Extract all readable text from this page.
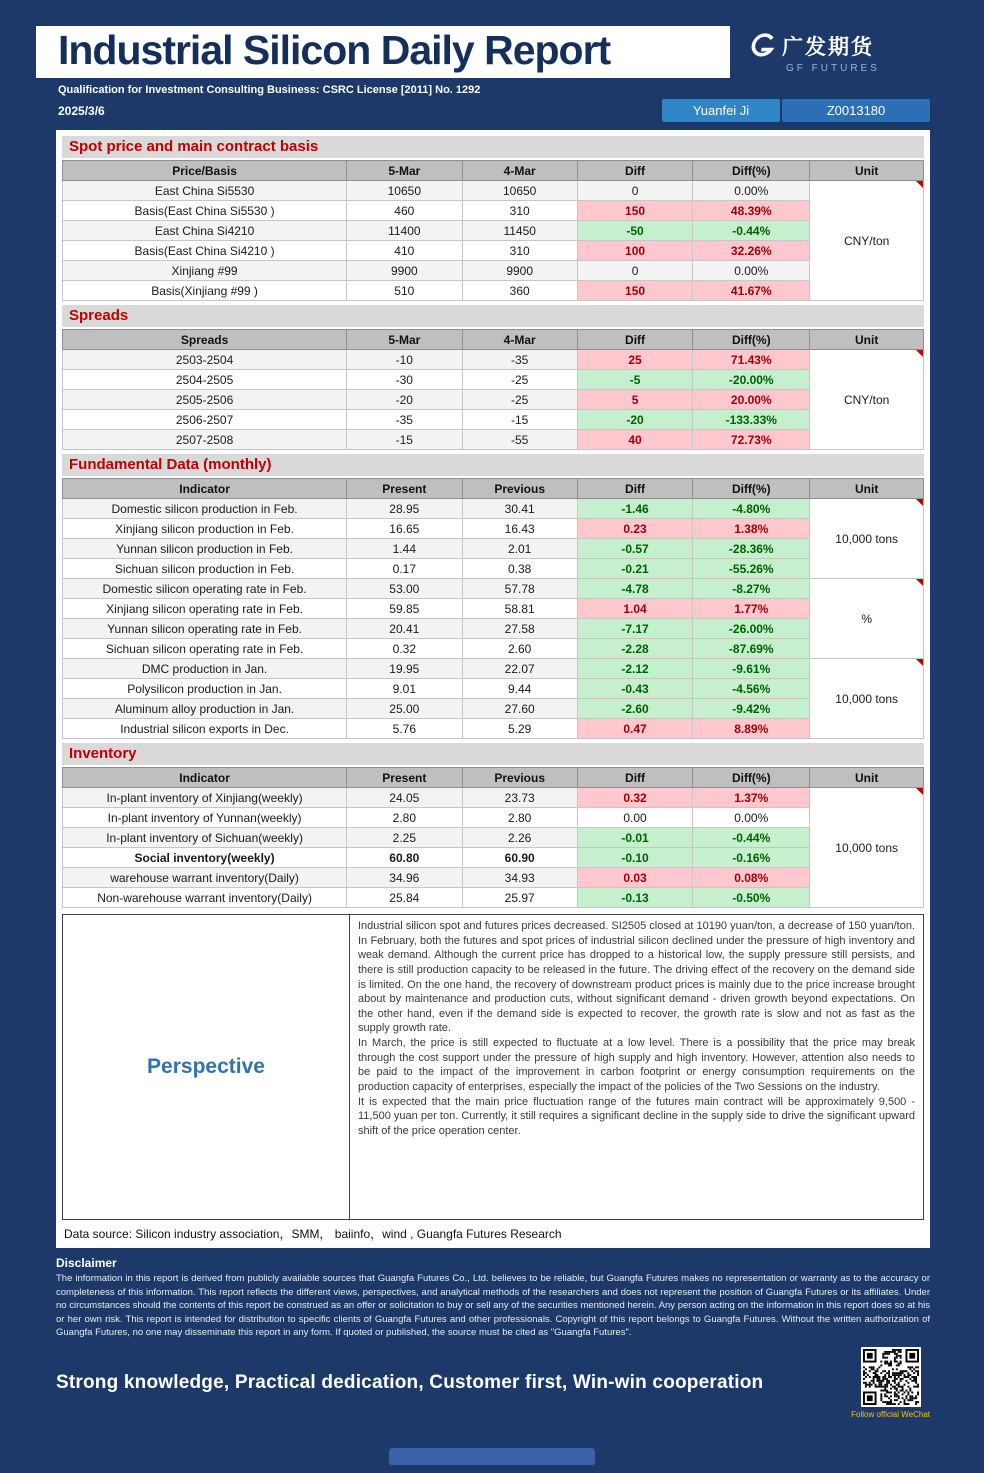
Industrial Silicon Daily Report	广发期货
GF FUTURES
Qualification for Investment Consulting Business: CSRC License [2011] No. 1292
2025/3/6	Yuanfei Ji	Z0013180
Spot price and main contract basis
Price/Basis	5-Mar	4-Mar	Diff	Diff(%)	Unit
East China Si5530	10650	10650	0	0.00%	CNY/ton
Basis(East China Si5530 )	460	310	150	48.39%	
East China Si4210	11400	11450	-50	-0.44%	
Basis(East China Si4210 )	410	310	100	32.26%	
Xinjiang #99	9900	9900	0	0.00%	
Basis(Xinjiang #99 )	510	360	150	41.67%	
Spreads
Spreads	5-Mar	4-Mar	Diff	Diff(%)	Unit
2503-2504	-10	-35	25	71.43%	CNY/ton
2504-2505	-30	-25	-5	-20.00%	
2505-2506	-20	-25	5	20.00%	
2506-2507	-35	-15	-20	-133.33%	
2507-2508	-15	-55	40	72.73%	
Fundamental Data (monthly)
Indicator	Present	Previous	Diff	Diff(%)	Unit
Domestic silicon production in Feb.	28.95	30.41	-1.46	-4.80%	10,000 tons
Xinjiang silicon production in Feb.	16.65	16.43	0.23	1.38%	
Yunnan silicon production in Feb.	1.44	2.01	-0.57	-28.36%	
Sichuan silicon production in Feb.	0.17	0.38	-0.21	-55.26%	
Domestic silicon operating rate in Feb.	53.00	57.78	-4.78	-8.27%	%
Xinjiang silicon operating rate in Feb.	59.85	58.81	1.04	1.77%	
Yunnan silicon operating rate in Feb.	20.41	27.58	-7.17	-26.00%	
Sichuan silicon operating rate in Feb.	0.32	2.60	-2.28	-87.69%	
DMC production in Jan.	19.95	22.07	-2.12	-9.61%	10,000 tons
Polysilicon production in Jan.	9.01	9.44	-0.43	-4.56%	
Aluminum alloy production in Jan.	25.00	27.60	-2.60	-9.42%	
Industrial silicon exports in Dec.	5.76	5.29	0.47	8.89%	
Inventory
Indicator	Present	Previous	Diff	Diff(%)	Unit
In-plant inventory of Xinjiang(weekly)	24.05	23.73	0.32	1.37%	10,000 tons
In-plant inventory of Yunnan(weekly)	2.80	2.80	0.00	0.00%	
In-plant inventory of Sichuan(weekly)	2.25	2.26	-0.01	-0.44%	
Social inventory(weekly)	60.80	60.90	-0.10	-0.16%	
warehouse warrant inventory(Daily)	34.96	34.93	0.03	0.08%	
Non-warehouse warrant inventory(Daily)	25.84	25.97	-0.13	-0.50%	
Perspective

Industrial silicon spot and futures prices decreased. SI2505 closed at 10190 yuan/ton, a decrease of 150 yuan/ton. In February, both the futures and spot prices of industrial silicon declined under the pressure of high inventory and weak demand. Although the current price has dropped to a historical low, the supply pressure still persists, and there is still production capacity to be released in the future. The driving effect of the recovery on the demand side is limited. On the one hand, the recovery of downstream product prices is mainly due to the price increase brought about by maintenance and production cuts, without significant demand - driven growth beyond expectations. On the other hand, even if the demand side is expected to recover, the growth rate is slow and not as fast as the supply growth rate.

In March, the price is still expected to fluctuate at a low level. There is a possibility that the price may break through the cost support under the pressure of high supply and high inventory. However, attention also needs to be paid to the impact of the improvement in carbon footprint or energy consumption requirements on the production capacity of enterprises, especially the impact of the policies of the Two Sessions on the industry.

It is expected that the main price fluctuation range of the futures main contract will be approximately 9,500 - 11,500 yuan per ton. Currently, it still requires a significant decline in the supply side to drive the significant upward shift of the price operation center.

Data source: Silicon industry association，SMM， baiinfo，wind , Guangfa Futures Research
Disclaimer
The information in this report is derived from publicly available sources that Guangfa Futures Co., Ltd. believes to be reliable, but Guangfa Futures makes no representation or warranty as to the accuracy or completeness of this information. This report reflects the different views, perspectives, and analytical methods of the researchers and does not represent the position of Guangfa Futures or its affiliates. Under no circumstances should the contents of this report be construed as an offer or solicitation to buy or sell any of the securities mentioned herein. Any person acting on the information in this report does so at his or her own risk. This report is intended for distribution to specific clients of Guangfa Futures and other professionals. Copyright of this report belongs to Guangfa Futures. Without the written authorization of Guangfa Futures, no one may disseminate this report in any form. If quoted or published, the source must be cited as "Guangfa Futures".
Strong knowledge, Practical dedication, Customer first, Win-win cooperation
Follow official WeChat
